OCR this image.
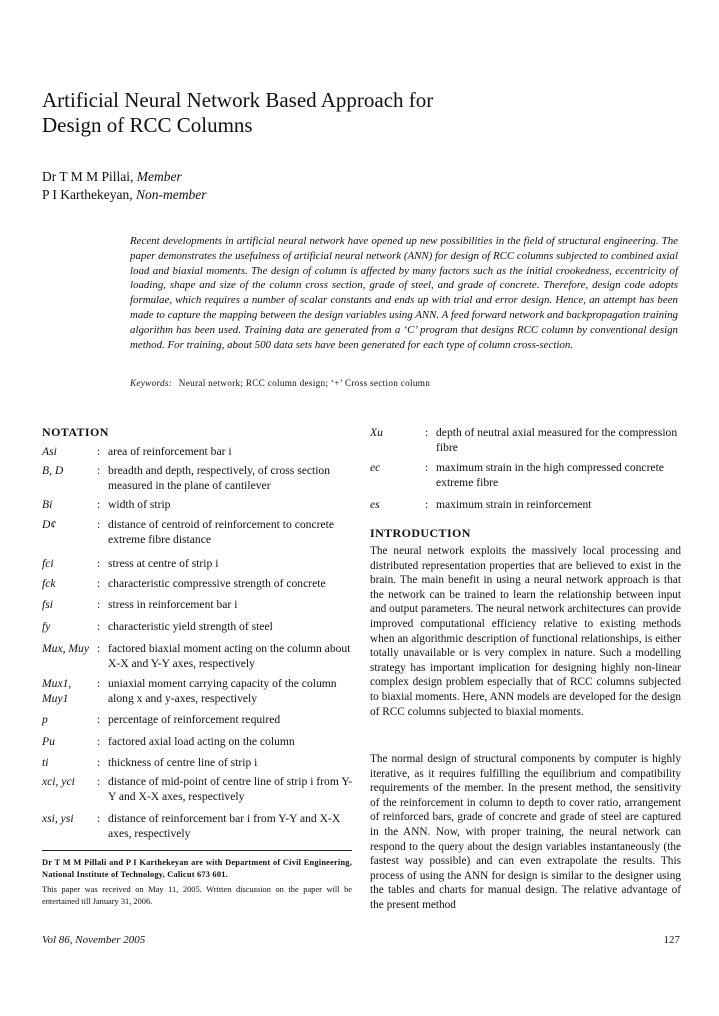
Artificial Neural Network Based Approach for
Design of RCC Columns
Dr T M M Pillai, Member
P I Karthekeyan, Non-member
Recent developments in artificial neural network have opened up new possibilities in the field of structural engineering. The paper demonstrates the usefulness of artificial neural network (ANN) for design of RCC columns subjected to combined axial load and biaxial moments. The design of column is affected by many factors such as the initial crookedness, eccentricity of loading, shape and size of the column cross section, grade of steel, and grade of concrete. Therefore, design code adopts formulae, which requires a number of scalar constants and ends up with trial and error design. Hence, an attempt has been made to capture the mapping between the design variables using ANN. A feed forward network and backpropagation training algorithm has been used. Training data are generated from a ‘C’ program that designs RCC column by conventional design method. For training, about 500 data sets have been generated for each type of column cross-section.
Keywords: Neural network; RCC column design; ‘+’ Cross section column
NOTATION
Asi	: area of reinforcement bar i
B, D	: breadth and depth, respectively, of cross section measured in the plane of cantilever
Bi	: width of strip
D¢	: distance of centroid of reinforcement to concrete extreme fibre distance
fci	: stress at centre of strip i
fck	: characteristic compressive strength of concrete
fsi	: stress in reinforcement bar i
fy	: characteristic yield strength of steel
Mux, Muy : factored biaxial moment acting on the column about X-X and Y-Y axes, respectively
Mux1, Muy1
: uniaxial moment carrying capacity of the column along x and y-axes, respectively
p	: percentage of reinforcement required
Pu	: factored axial load acting on the column
ti	: thickness of centre line of strip i
xci, yci	: distance of mid-point of centre line of strip i from Y-Y and X-X axes, respectively
xsi, ysi	: distance of reinforcement bar i from Y-Y and X-X axes, respectively
Xu	: depth of neutral axial measured for the compression fibre
ec	: maximum strain in the high compressed concrete extreme fibre
es	: maximum strain in reinforcement
INTRODUCTION
The neural network exploits the massively local processing and distributed representation properties that are believed to exist in the brain. The main benefit in using a neural network approach is that the network can be trained to learn the relationship between input and output parameters. The neural network architectures can provide improved computational efficiency relative to existing methods when an algorithmic description of functional relationships, is either totally unavailable or is very complex in nature. Such a modelling strategy has important implication for designing highly non-linear complex design problem especially that of RCC columns subjected to biaxial moments. Here, ANN models are developed for the design of RCC columns subjected to biaxial moments.
The normal design of structural components by computer is highly iterative, as it requires fulfilling the equilibrium and compatibility requirements of the member. In the present method, the sensitivity of the reinforcement in column to depth to cover ratio, arrangement of reinforced bars, grade of concrete and grade of steel are captured in the ANN. Now, with proper training, the neural network can respond to the query about the design variables instantaneously (the fastest way possible) and can even extrapolate the results. This process of using the ANN for design is similar to the designer using the tables and charts for manual design. The relative advantage of the present method
Dr T M M Pillali and P I Karthekeyan are with Department of Civil Engineering, National Institute of Technology, Calicut 673 601.
This paper was received on May 11, 2005. Written discussion on the paper will be entertained till January 31, 2006.
Vol 86, November 2005	127
